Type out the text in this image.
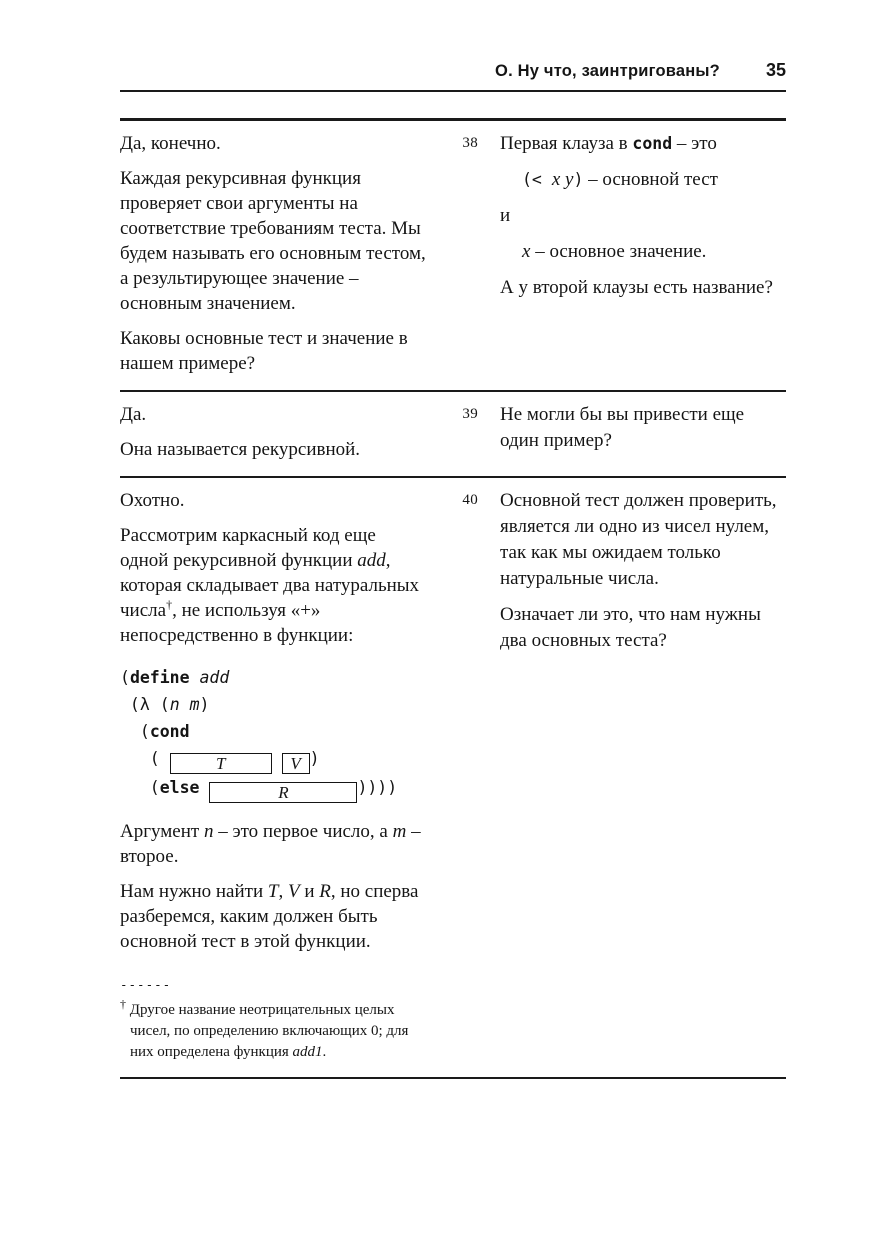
О. Ну что, заинтригованы?	35
Да, конечно.
Каждая рекурсивная функция проверяет свои аргументы на соответствие требованиям теста. Мы будем называть его основным тестом, а результирующее значение – основным значением.
Каковы основные тест и значение в нашем примере?
38 Первая клауза в cond – это
(< x y) – основной тест
и
x – основное значение.
А у второй клаузы есть название?
Да.
Она называется рекурсивной.
39 Не могли бы вы привести еще один пример?
Охотно.
Рассмотрим каркасный код еще одной рекурсивной функции add, которая складывает два натуральных числа†, не используя «+» непосредственно в функции:
(define add
(λ (n m)
(cond
(	T	V )
(else	R	))))
Аргумент n – это первое число, а m – второе.
Нам нужно найти T, V и R, но сперва разберемся, каким должен быть основной тест в этой функции.
------
† Другое название неотрицательных целых чисел, по определению включающих 0; для них определена функция add1.
40 Основной тест должен проверить, является ли одно из чисел нулем, так как мы ожидаем только натуральные числа.
Означает ли это, что нам нужны два основных теста?
